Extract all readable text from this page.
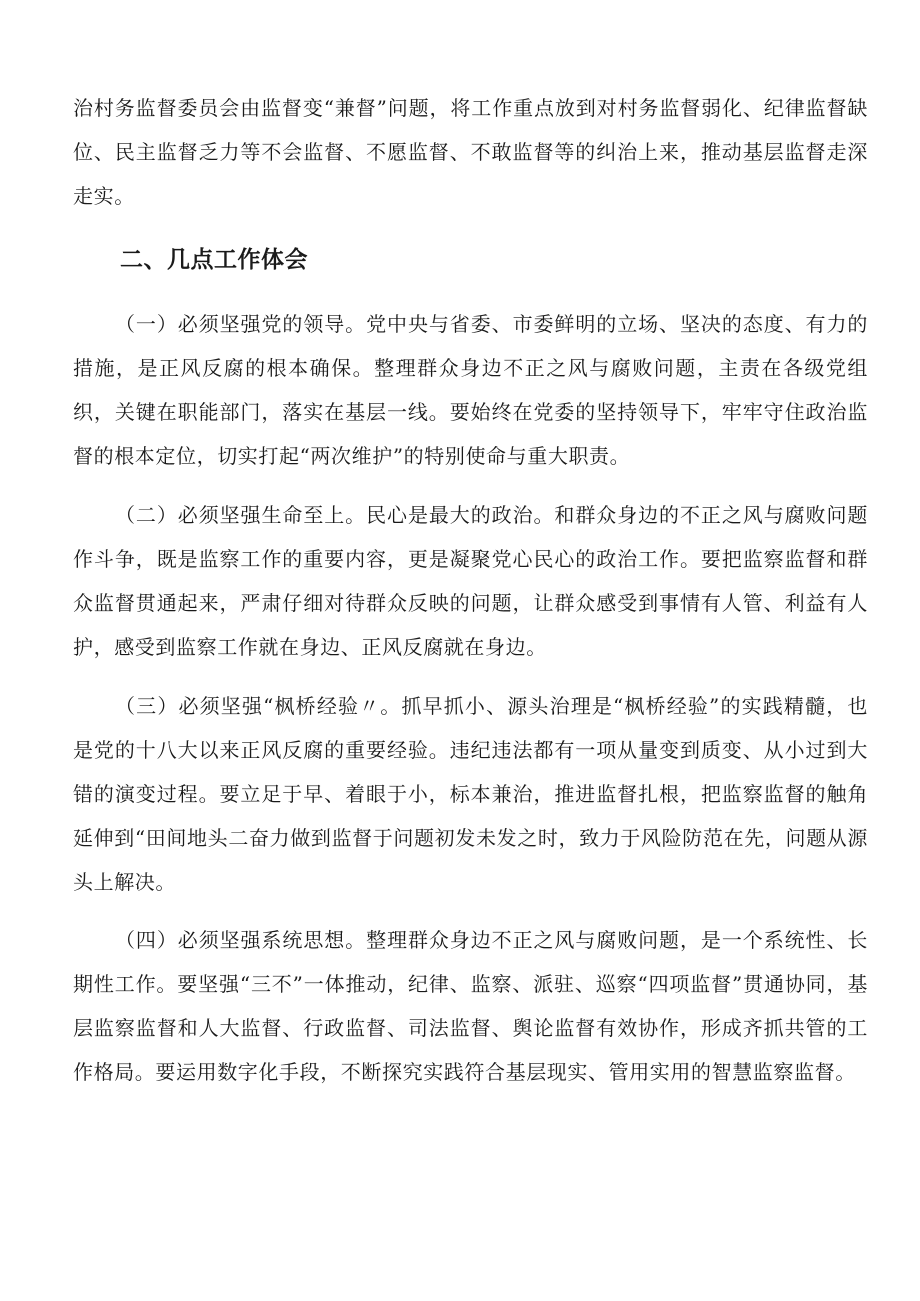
治村务监督委员会由监督变“兼督”问题，将工作重点放到对村务监督弱化、纪律监督缺位、民主监督乏力等不会监督、不愿监督、不敢监督等的纠治上来，推动基层监督走深走实。

二、几点工作体会

（一）必须坚强党的领导。党中央与省委、市委鲜明的立场、坚决的态度、有力的措施，是正风反腐的根本确保。整理群众身边不正之风与腐败问题，主责在各级党组织，关键在职能部门，落实在基层一线。要始终在党委的坚持领导下，牢牢守住政治监督的根本定位，切实打起“两次维护”的特别使命与重大职责。

（二）必须坚强生命至上。民心是最大的政治。和群众身边的不正之风与腐败问题作斗争，既是监察工作的重要内容，更是凝聚党心民心的政治工作。要把监察监督和群众监督贯通起来，严肃仔细对待群众反映的问题，让群众感受到事情有人管、利益有人护，感受到监察工作就在身边、正风反腐就在身边。

（三）必须坚强“枫桥经验〃。抓早抓小、源头治理是“枫桥经验”的实践精髓，也是党的十八大以来正风反腐的重要经验。违纪违法都有一项从量变到质变、从小过到大错的演变过程。要立足于早、着眼于小，标本兼治，推进监督扎根，把监察监督的触角延伸到“田间地头二奋力做到监督于问题初发未发之时，致力于风险防范在先，问题从源头上解决。

（四）必须坚强系统思想。整理群众身边不正之风与腐败问题，是一个系统性、长期性工作。要坚强“三不”一体推动，纪律、监察、派驻、巡察“四项监督”贯通协同，基层监察监督和人大监督、行政监督、司法监督、舆论监督有效协作，形成齐抓共管的工作格局。要运用数字化手段，不断探究实践符合基层现实、管用实用的智慧监察监督。
